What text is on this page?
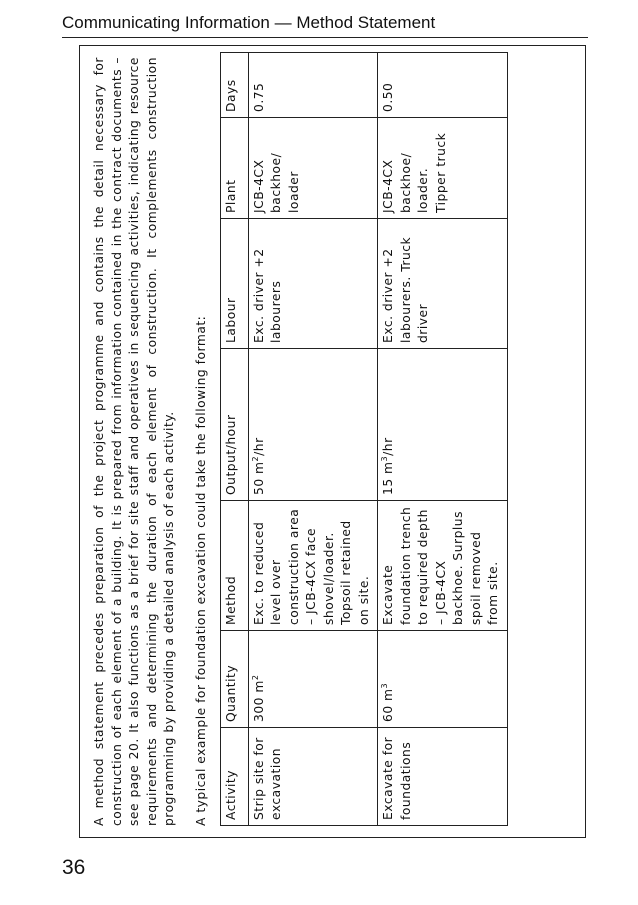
Communicating Information — Method Statement

A method statement precedes preparation of the project programme and contains the detail necessary for construction of each element of a building. It is prepared from information contained in the contract documents – see page 20. It also functions as a brief for site staff and operatives in sequencing activities, indicating resource requirements and determining the duration of each element of construction. It complements construction programming by providing a detailed analysis of each activity. A typical example for foundation excavation could take the following format: Activity	Quantity	Method	Output/hour	Labour	Plant	Days
Strip site for excavation	300 $m^2$	Exc. to reduced level over construction area – JCB-4CX face shovel/loader. Topsoil retained on site.	50 $m^2/hr$	Exc. driver +2 labourers	JCB-4CX backhoe/ loader	0.75
Excavate for foundations	60 $m^3$	Excavate foundation trench to required depth – JCB-4CX backhoe. Surplus spoil removed from site.	15 $m^3/hr$	Exc. driver +2 labourers. Truck driver	JCB-4CX backhoe/ loader. Tipper truck	0.50
36
